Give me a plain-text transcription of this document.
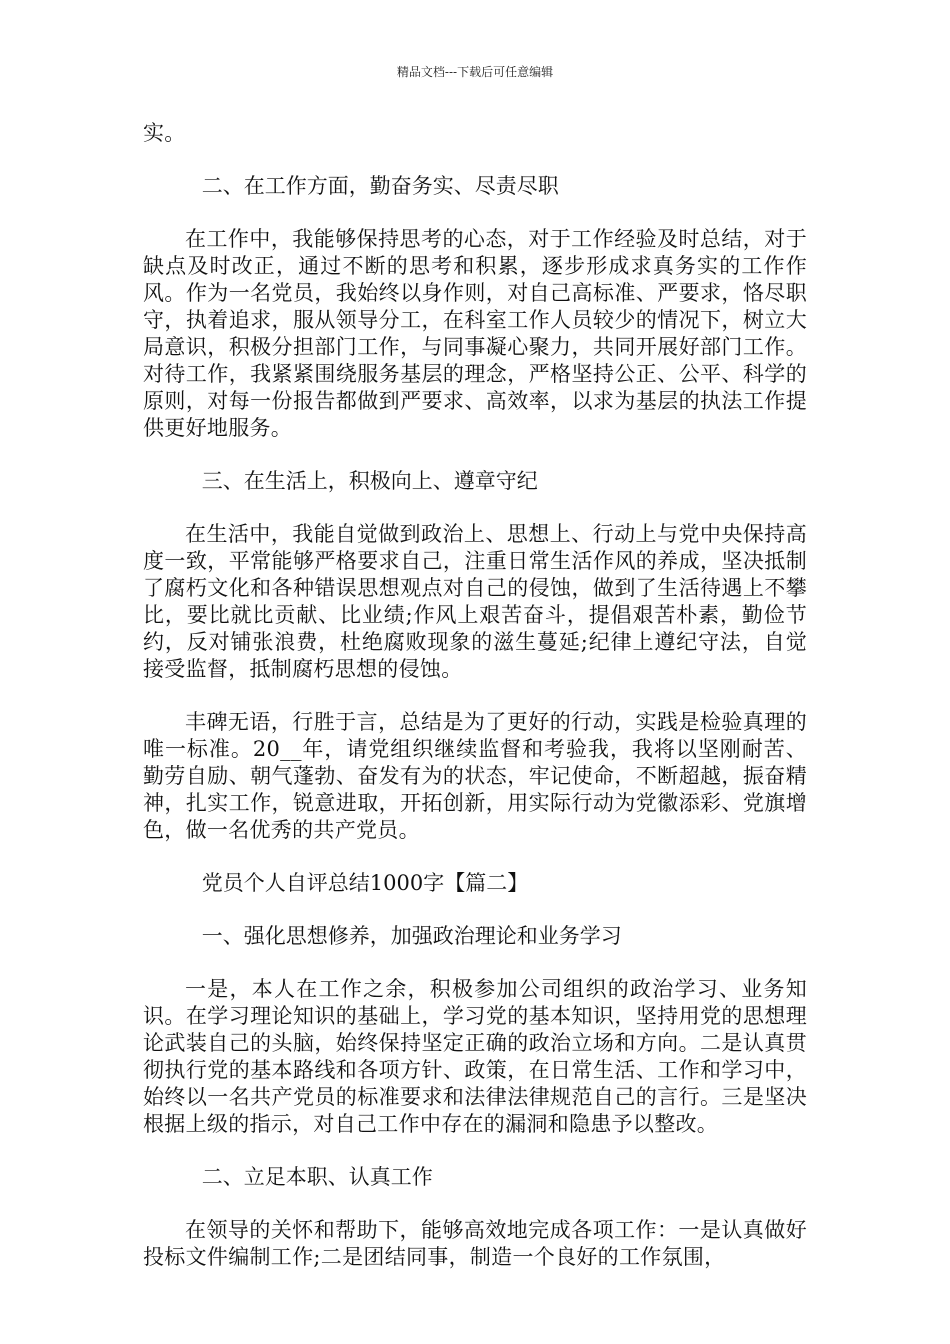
精品文档---下载后可任意编辑

实。

二、在工作方面，勤奋务实、尽责尽职

在工作中，我能够保持思考的心态，对于工作经验及时总结，对于缺点及时改正，通过不断的思考和积累，逐步形成求真务实的工作作风。作为一名党员，我始终以身作则，对自己高标准、严要求，恪尽职守，执着追求，服从领导分工，在科室工作人员较少的情况下，树立大局意识，积极分担部门工作，与同事凝心聚力，共同开展好部门工作。对待工作，我紧紧围绕服务基层的理念，严格坚持公正、公平、科学的原则，对每一份报告都做到严要求、高效率，以求为基层的执法工作提供更好地服务。

三、在生活上，积极向上、遵章守纪

在生活中，我能自觉做到政治上、思想上、行动上与党中央保持高度一致，平常能够严格要求自己，注重日常生活作风的养成，坚决抵制了腐朽文化和各种错误思想观点对自己的侵蚀，做到了生活待遇上不攀比，要比就比贡献、比业绩;作风上艰苦奋斗，提倡艰苦朴素，勤俭节约，反对铺张浪费，杜绝腐败现象的滋生蔓延;纪律上遵纪守法，自觉接受监督，抵制腐朽思想的侵蚀。

丰碑无语，行胜于言，总结是为了更好的行动，实践是检验真理的唯一标准。20__年，请党组织继续监督和考验我，我将以坚刚耐苦、勤劳自励、朝气蓬勃、奋发有为的状态，牢记使命，不断超越，振奋精神，扎实工作，锐意进取，开拓创新，用实际行动为党徽添彩、党旗增色，做一名优秀的共产党员。

党员个人自评总结1000字【篇二】

一、强化思想修养，加强政治理论和业务学习

一是，本人在工作之余，积极参加公司组织的政治学习、业务知识。在学习理论知识的基础上，学习党的基本知识，坚持用党的思想理论武装自己的头脑，始终保持坚定正确的政治立场和方向。二是认真贯彻执行党的基本路线和各项方针、政策，在日常生活、工作和学习中，始终以一名共产党员的标准要求和法律法律规范自己的言行。三是坚决根据上级的指示，对自己工作中存在的漏洞和隐患予以整改。

二、立足本职、认真工作

在领导的关怀和帮助下，能够高效地完成各项工作：一是认真做好投标文件编制工作;二是团结同事，制造一个良好的工作氛围，
